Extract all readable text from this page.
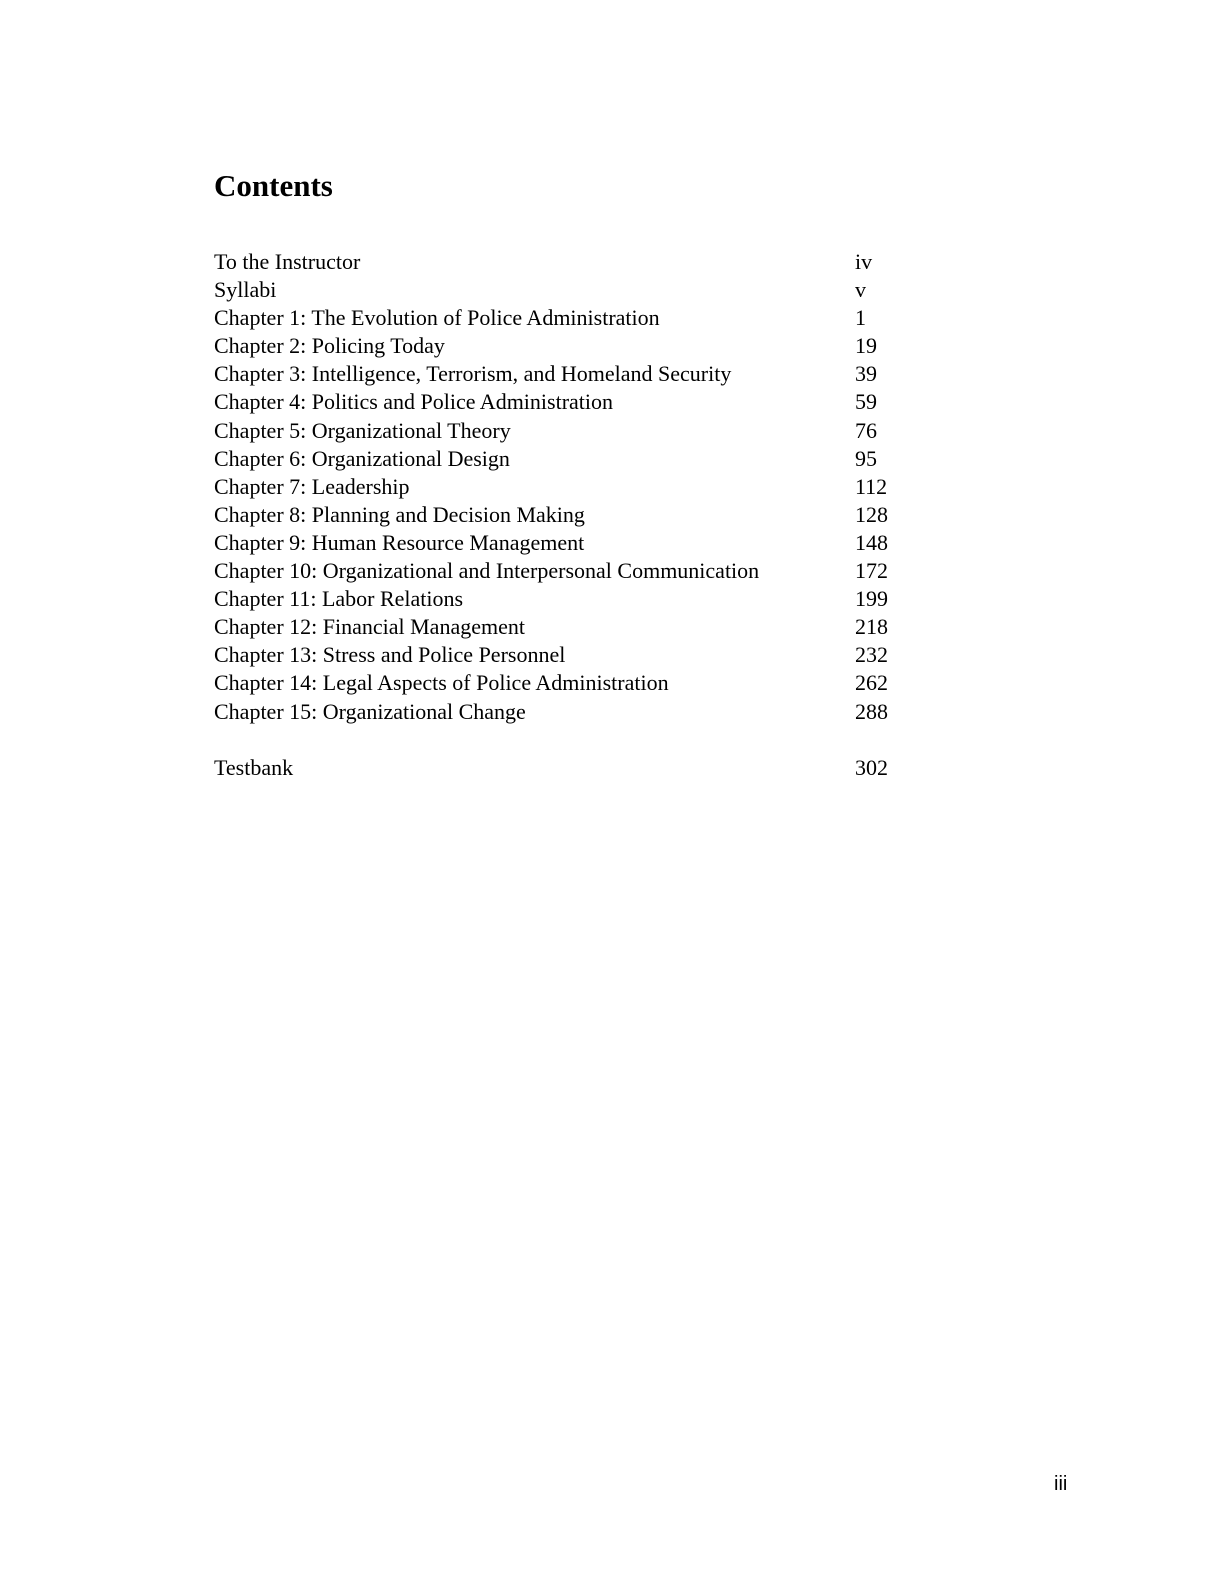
Contents
To the Instructor	iv
Syllabi	v
Chapter 1: The Evolution of Police Administration	1
Chapter 2: Policing Today	19
Chapter 3: Intelligence, Terrorism, and Homeland Security	39
Chapter 4: Politics and Police Administration	59
Chapter 5: Organizational Theory	76
Chapter 6: Organizational Design	95
Chapter 7: Leadership	112
Chapter 8: Planning and Decision Making	128
Chapter 9: Human Resource Management	148
Chapter 10: Organizational and Interpersonal Communication	172
Chapter 11: Labor Relations	199
Chapter 12: Financial Management	218
Chapter 13: Stress and Police Personnel	232
Chapter 14: Legal Aspects of Police Administration	262
Chapter 15: Organizational Change	288
Testbank	302
iii
